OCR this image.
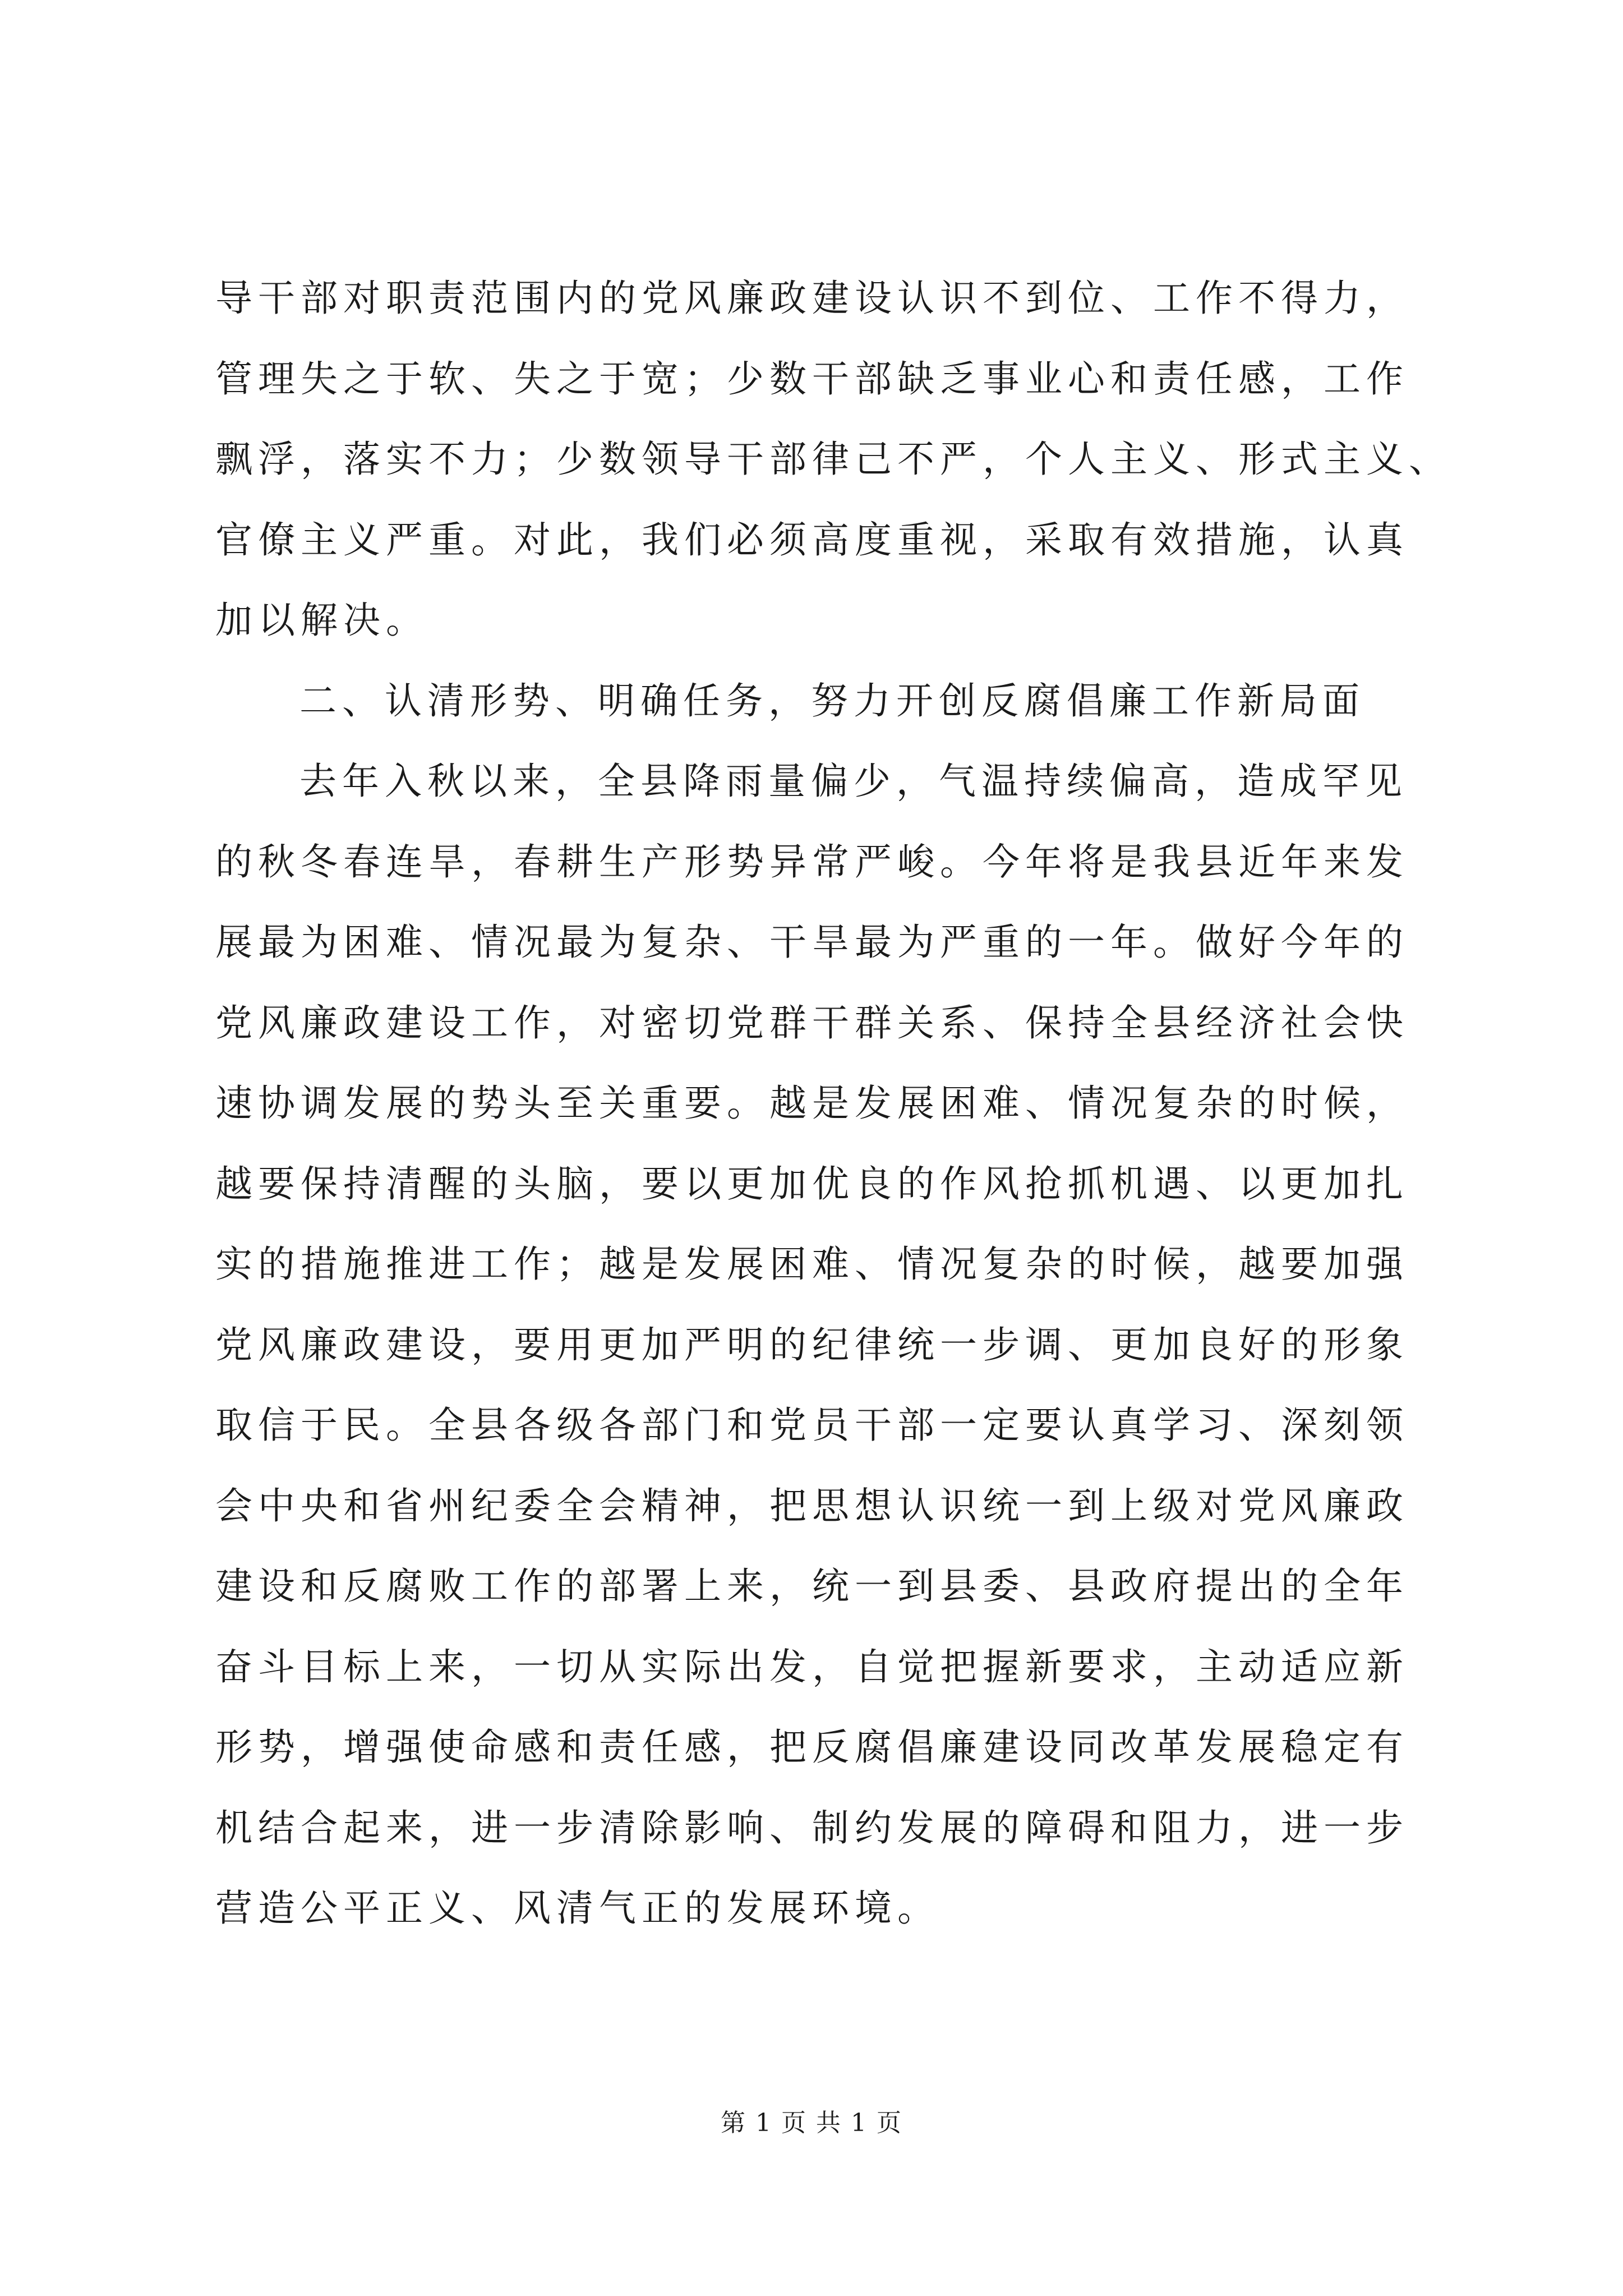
导干部对职责范围内的党风廉政建设认识不到位、工作不得力，
管理失之于软、失之于宽；少数干部缺乏事业心和责任感，工作
飘浮，落实不力；少数领导干部律己不严，个人主义、形式主义、
官僚主义严重。对此，我们必须高度重视，采取有效措施，认真
加以解决。
二、认清形势、明确任务，努力开创反腐倡廉工作新局面
去年入秋以来，全县降雨量偏少，气温持续偏高，造成罕见
的秋冬春连旱，春耕生产形势异常严峻。今年将是我县近年来发
展最为困难、情况最为复杂、干旱最为严重的一年。做好今年的
党风廉政建设工作，对密切党群干群关系、保持全县经济社会快
速协调发展的势头至关重要。越是发展困难、情况复杂的时候，
越要保持清醒的头脑，要以更加优良的作风抢抓机遇、以更加扎
实的措施推进工作；越是发展困难、情况复杂的时候，越要加强
党风廉政建设，要用更加严明的纪律统一步调、更加良好的形象
取信于民。全县各级各部门和党员干部一定要认真学习、深刻领
会中央和省州纪委全会精神，把思想认识统一到上级对党风廉政
建设和反腐败工作的部署上来，统一到县委、县政府提出的全年
奋斗目标上来，一切从实际出发，自觉把握新要求，主动适应新
形势，增强使命感和责任感，把反腐倡廉建设同改革发展稳定有
机结合起来，进一步清除影响、制约发展的障碍和阻力，进一步
营造公平正义、风清气正的发展环境。
第 1 页 共 1 页
